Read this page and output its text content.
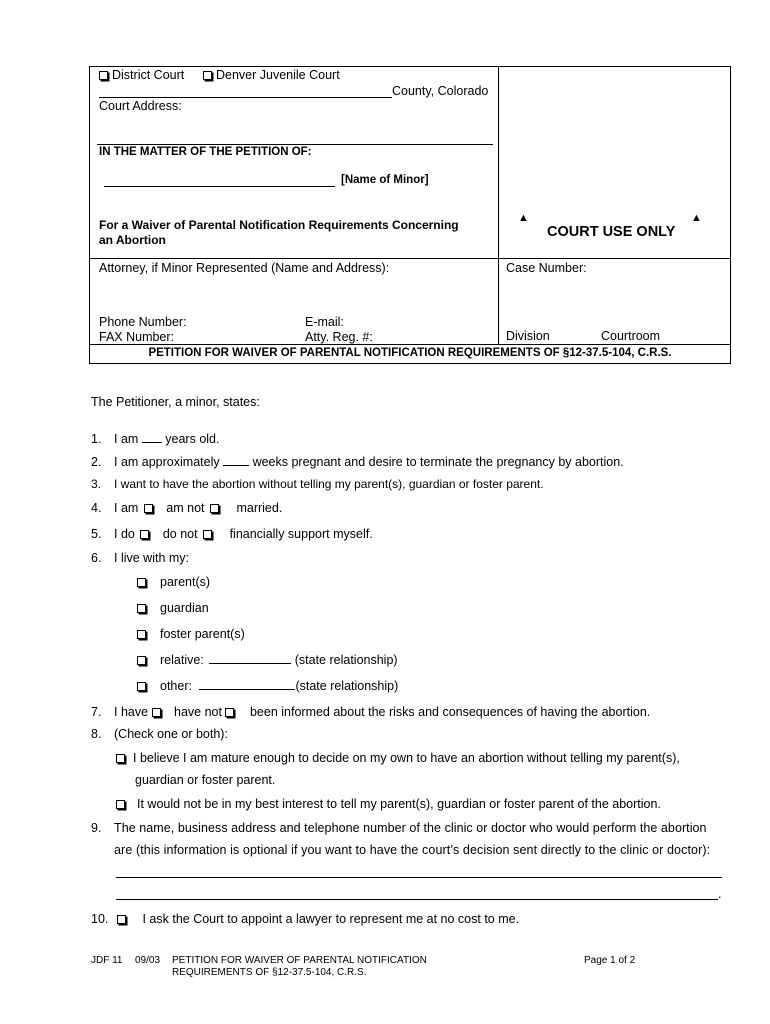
District Court	Denver Juvenile Court
County, Colorado
Court Address:
IN THE MATTER OF THE PETITION OF:
[Name of Minor]
For a Waiver of Parental Notification Requirements Concerning
an Abortion
▲	▲
COURT USE ONLY
Attorney, if Minor Represented (Name and Address):
Phone Number:	E-mail:
FAX Number:	Atty. Reg. #:
Case Number:
Division	Courtroom
PETITION FOR WAIVER OF PARENTAL NOTIFICATION REQUIREMENTS OF §12-37.5-104, C.R.S.
The Petitioner, a minor, states:
1. I am years old.
2. I am approximately	weeks pregnant and desire to terminate the pregnancy by abortion.
3. I want to have the abortion without telling my parent(s), guardian or foster parent.
4. I am am not	married.
5. I do do not	financially support myself.
6. I live with my:
parent(s)
guardian
foster parent(s)
relative:	(state relationship)
other:	(state relationship)
7. I have have not been informed about the risks and consequences of having the abortion.
8. (Check one or both):
I believe I am mature enough to decide on my own to have an abortion without telling my parent(s),
guardian or foster parent.
It would not be in my best interest to tell my parent(s), guardian or foster parent of the abortion.
9. The name, business address and telephone number of the clinic or doctor who would perform the abortion
are (this information is optional if you want to have the court’s decision sent directly to the clinic or doctor):
.
10.	I ask the Court to appoint a lawyer to represent me at no cost to me.
JDF 11 09/03 PETITION FOR WAIVER OF PARENTAL NOTIFICATION
REQUIREMENTS OF §12-37.5-104, C.R.S.
Page 1 of 2
